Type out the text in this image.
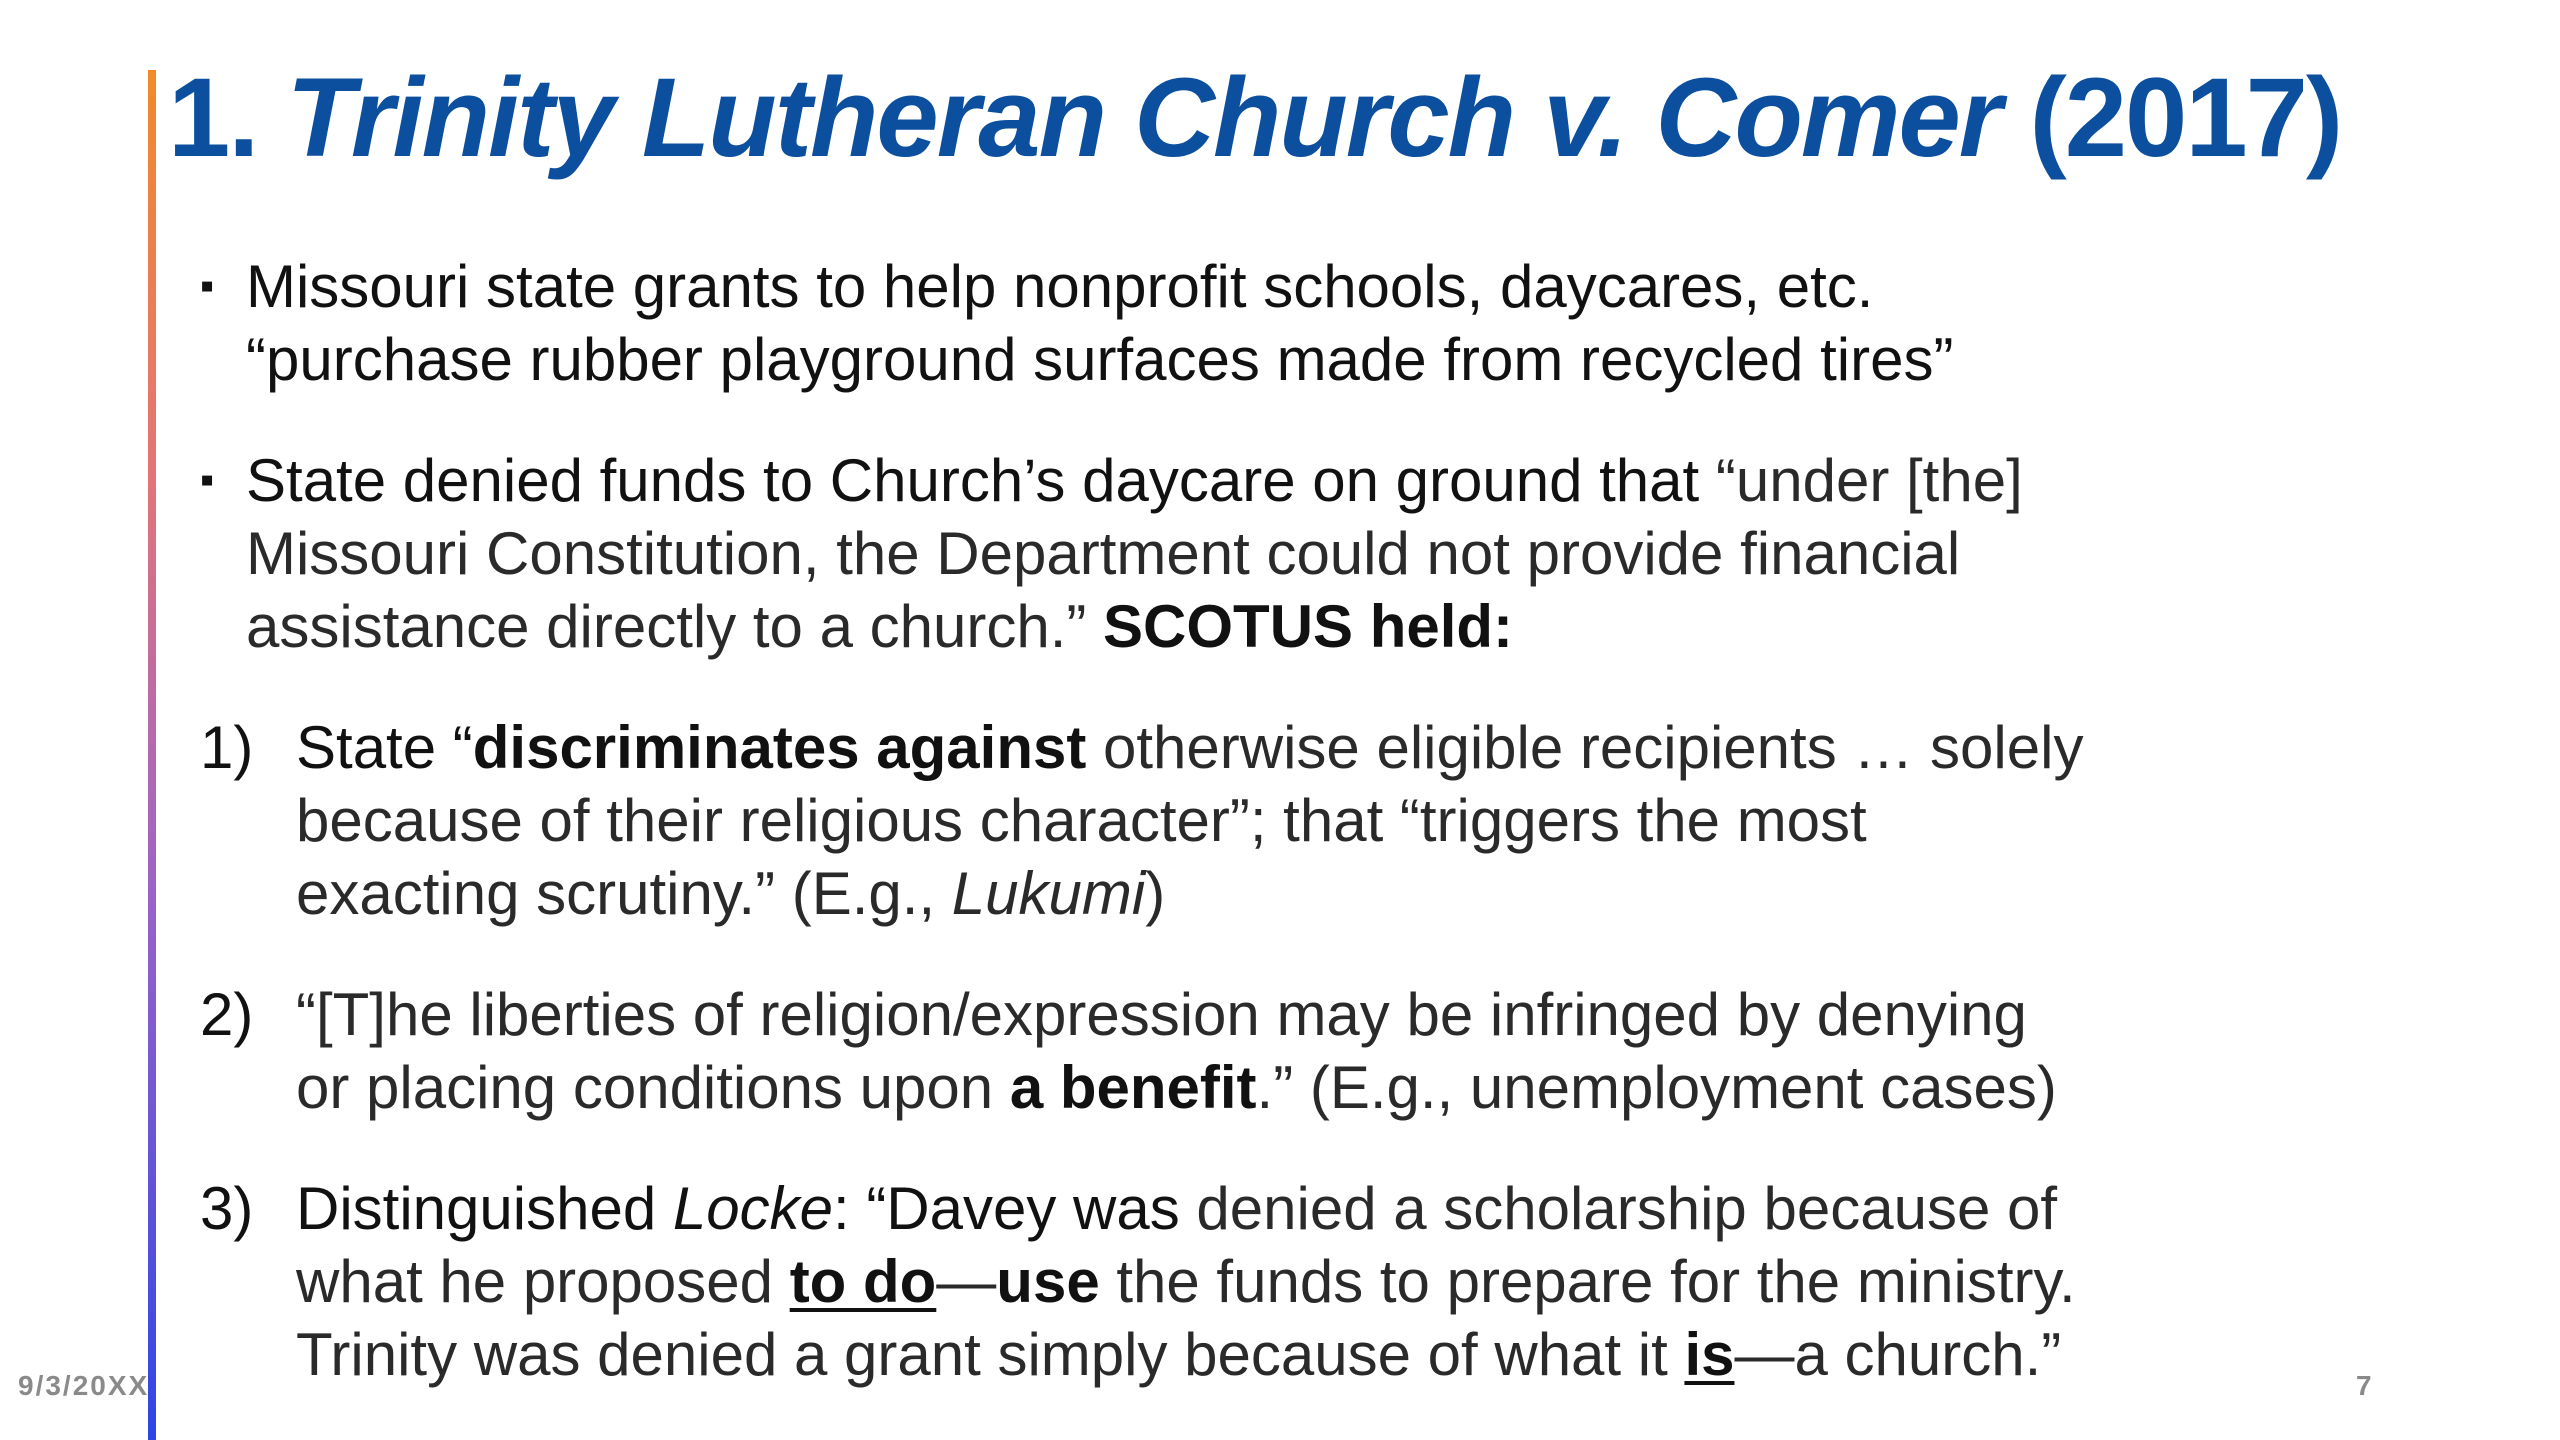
1. Trinity Lutheran Church v. Comer (2017)
▪ Missouri state grants to help nonprofit schools, daycares, etc.
“purchase rubber playground surfaces made from recycled tires”
▪ State denied funds to Church’s daycare on ground that “under [the]
Missouri Constitution, the Department could not provide financial
assistance directly to a church.” SCOTUS held:
1) State “discriminates against otherwise eligible recipients … solely
because of their religious character”; that “triggers the most
exacting scrutiny.” (E.g., Lukumi)
2) “[T]he liberties of religion/expression may be infringed by denying
or placing conditions upon a benefit.” (E.g., unemployment cases)
3) Distinguished Locke: “Davey was denied a scholarship because of
what he proposed to do—use the funds to prepare for the ministry.
Trinity was denied a grant simply because of what it is—a church.”
9/3/20XX	7
